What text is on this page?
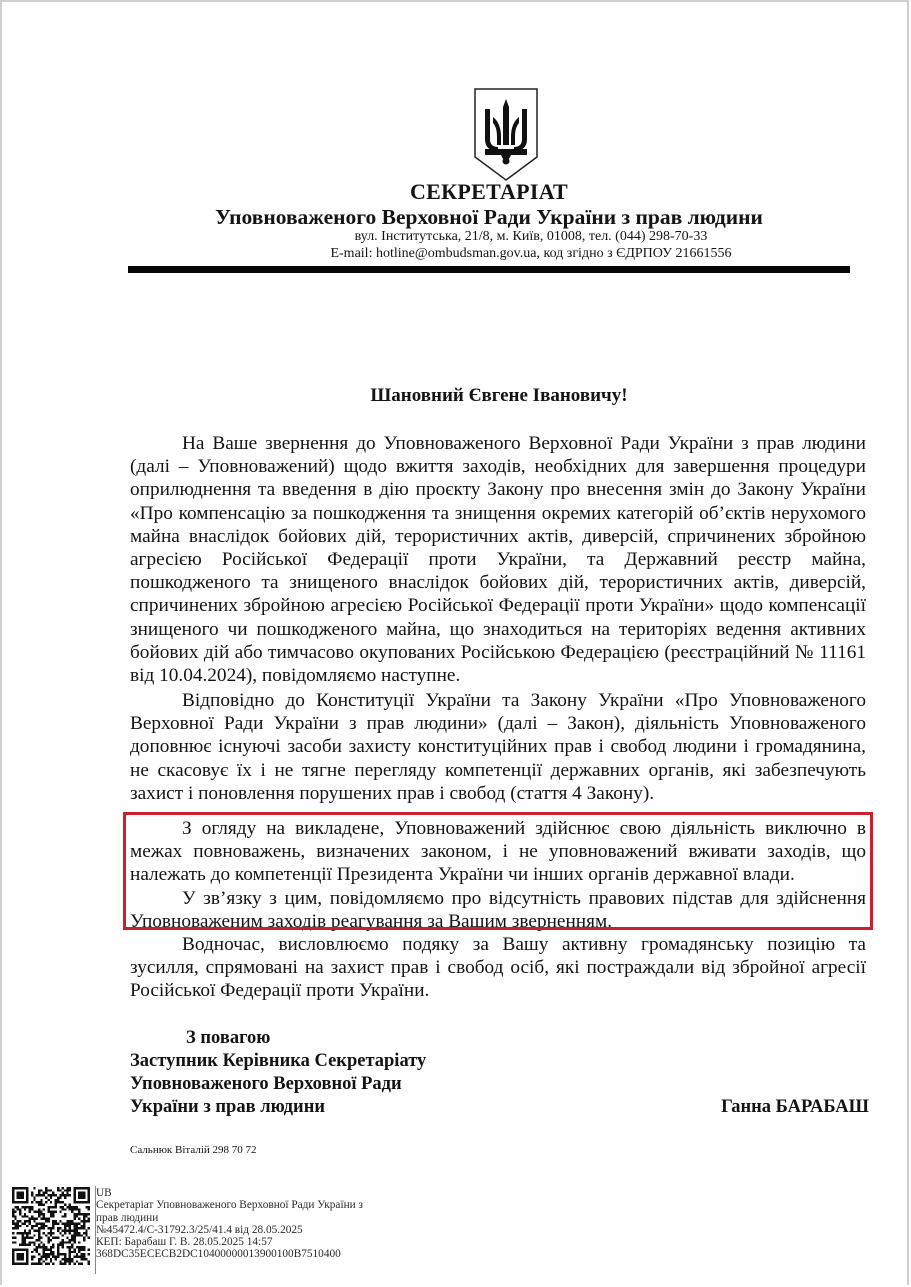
СЕКРЕТАРІАТ
Уповноваженого Верховної Ради України з прав людини
вул. Інститутська, 21/8, м. Київ, 01008, тел. (044) 298-70-33
E-mail: hotline@ombudsman.gov.ua, код згідно з ЄДРПОУ 21661556
Шановний Євгене Івановичу!

На Ваше звернення до Уповноваженого Верховної Ради України з прав людини (далі – Уповноважений) щодо вжиття заходів, необхідних для завершення процедури оприлюднення та введення в дію проєкту Закону про внесення змін до Закону України «Про компенсацію за пошкодження та знищення окремих категорій об’єктів нерухомого майна внаслідок бойових дій, терористичних актів, диверсій, спричинених збройною агресією Російської Федерації проти України, та Державний реєстр майна, пошкодженого та знищеного внаслідок бойових дій, терористичних актів, диверсій, спричинених збройною агресією Російської Федерації проти України» щодо компенсації знищеного чи пошкодженого майна, що знаходиться на територіях ведення активних бойових дій або тимчасово окупованих Російською Федерацією (реєстраційний № 11161 від 10.04.2024), повідомляємо наступне.

Відповідно до Конституції України та Закону України «Про Уповноваженого Верховної Ради України з прав людини» (далі – Закон), діяльність Уповноваженого доповнює існуючі засоби захисту конституційних прав і свобод людини і громадянина, не скасовує їх і не тягне перегляду компетенції державних органів, які забезпечують захист і поновлення порушених прав і свобод (стаття 4 Закону).

З огляду на викладене, Уповноважений здійснює свою діяльність виключно в межах повноважень, визначених законом, і не уповноважений вживати заходів, що належать до компетенції Президента України чи інших органів державної влади.

У зв’язку з цим, повідомляємо про відсутність правових підстав для здійснення Уповноваженим заходів реагування за Вашим зверненням.

Водночас, висловлюємо подяку за Вашу активну громадянську позицію та зусилля, спрямовані на захист прав і свобод осіб, які постраждали від збройної агресії Російської Федерації проти України.

З повагою
Заступник Керівника Секретаріату
Уповноваженого Верховної Ради
України з прав людини	Ганна БАРАБАШ
Сальнюк Віталій 298 70 72
UB
Секретаріат Уповноваженого Верховної Ради України з
прав людини
№45472.4/С-31792.3/25/41.4 від 28.05.2025
КЕП: Барабаш Г. В. 28.05.2025 14:57
368DC35ECECB2DC10400000013900100B7510400
